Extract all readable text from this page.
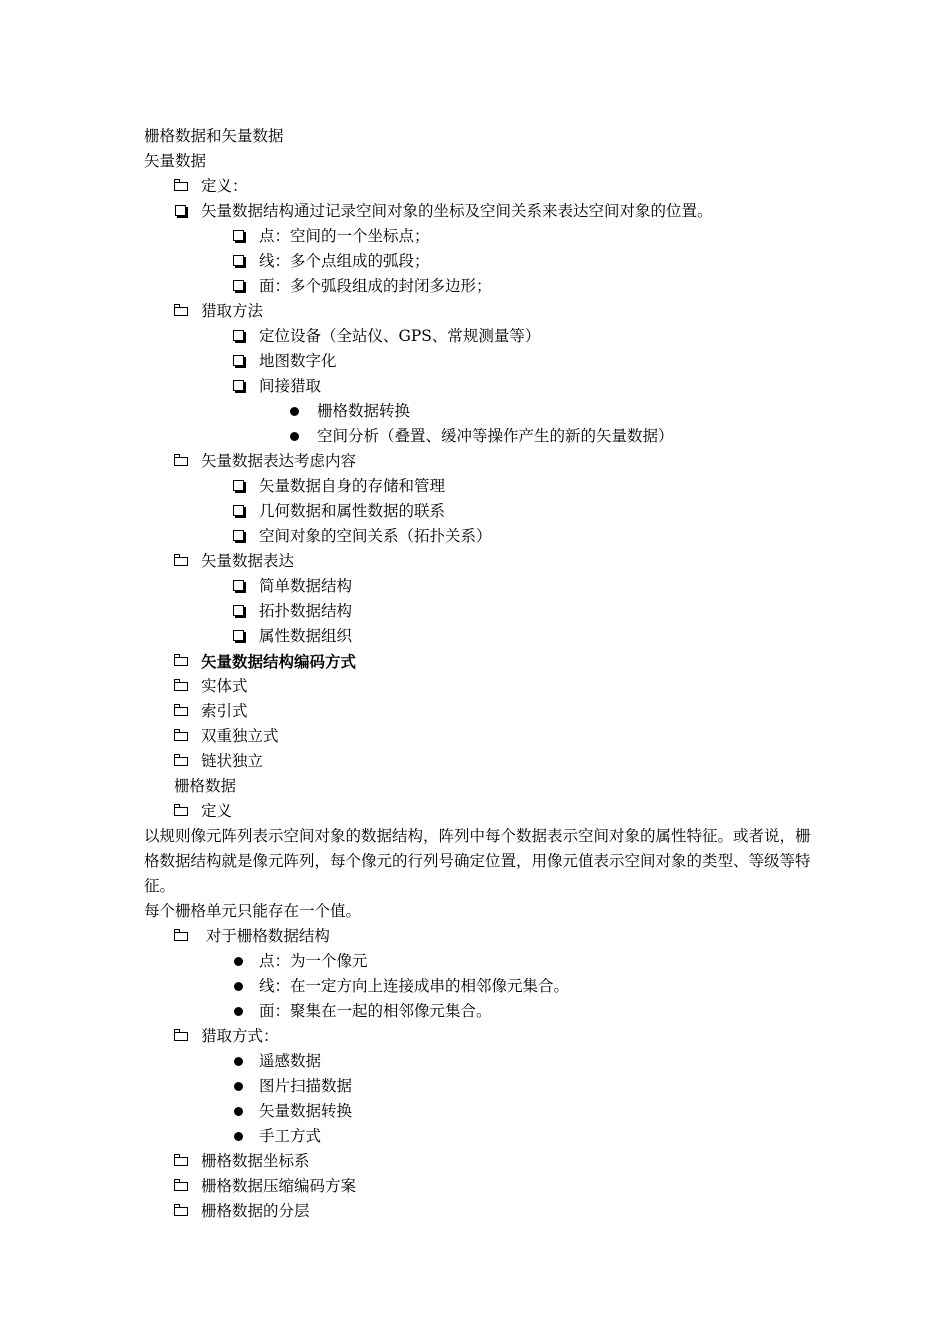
栅格数据和矢量数据
矢量数据
定义：
矢量数据结构通过记录空间对象的坐标及空间关系来表达空间对象的位置。
点：空间的一个坐标点；
线：多个点组成的弧段；
面：多个弧段组成的封闭多边形；
猎取方法
定位设备（全站仪、GPS、常规测量等）
地图数字化
间接猎取
栅格数据转换
空间分析（叠置、缓冲等操作产生的新的矢量数据）
矢量数据表达考虑内容
矢量数据自身的存储和管理
几何数据和属性数据的联系
空间对象的空间关系（拓扑关系）
矢量数据表达
简单数据结构
拓扑数据结构
属性数据组织
矢量数据结构编码方式
实体式
索引式
双重独立式
链状独立
栅格数据
定义
以规则像元阵列表示空间对象的数据结构，阵列中每个数据表示空间对象的属性特征。或者说，栅格数据结构就是像元阵列，每个像元的行列号确定位置，用像元值表示空间对象的类型、等级等特征。
每个栅格单元只能存在一个值。
对于栅格数据结构
点：为一个像元
线：在一定方向上连接成串的相邻像元集合。
面：聚集在一起的相邻像元集合。
猎取方式：
遥感数据
图片扫描数据
矢量数据转换
手工方式
栅格数据坐标系
栅格数据压缩编码方案
栅格数据的分层
